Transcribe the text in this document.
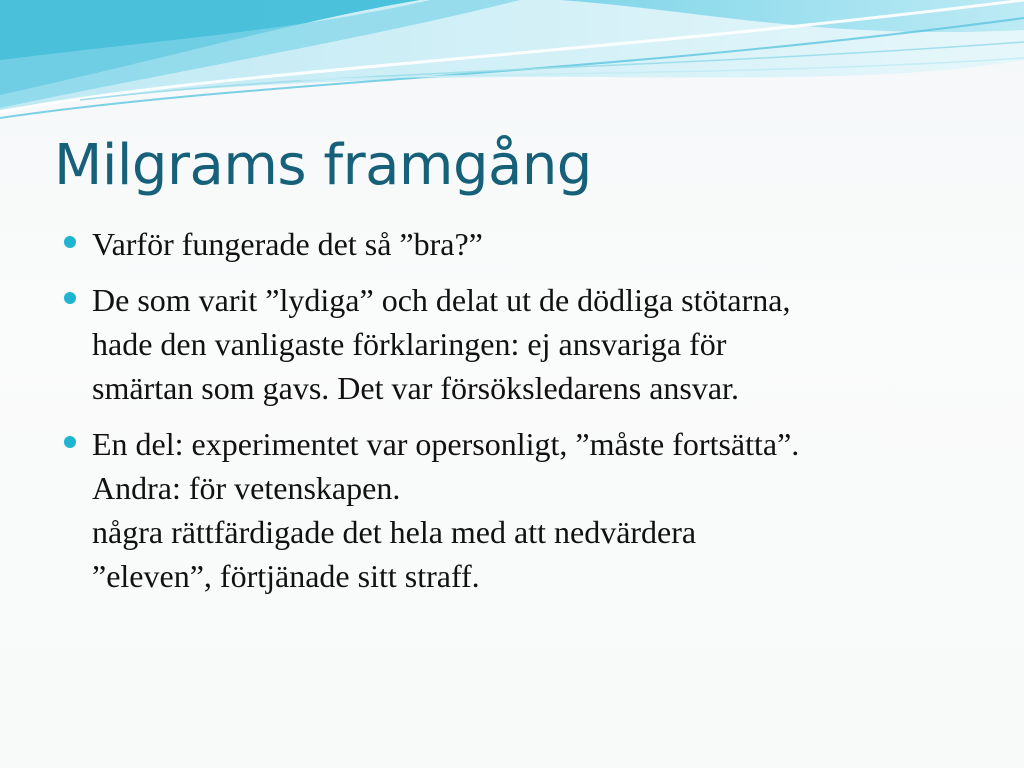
Milgrams framgång
Varför fungerade det så ”bra?”
De som varit ”lydiga” och delat ut de dödliga stötarna,
hade den vanligaste förklaringen: ej ansvariga för
smärtan som gavs. Det var försöksledarens ansvar.
En del: experimentet var opersonligt, ”måste fortsätta”.
Andra: för vetenskapen.
några rättfärdigade det hela med att nedvärdera
”eleven”, förtjänade sitt straff.
